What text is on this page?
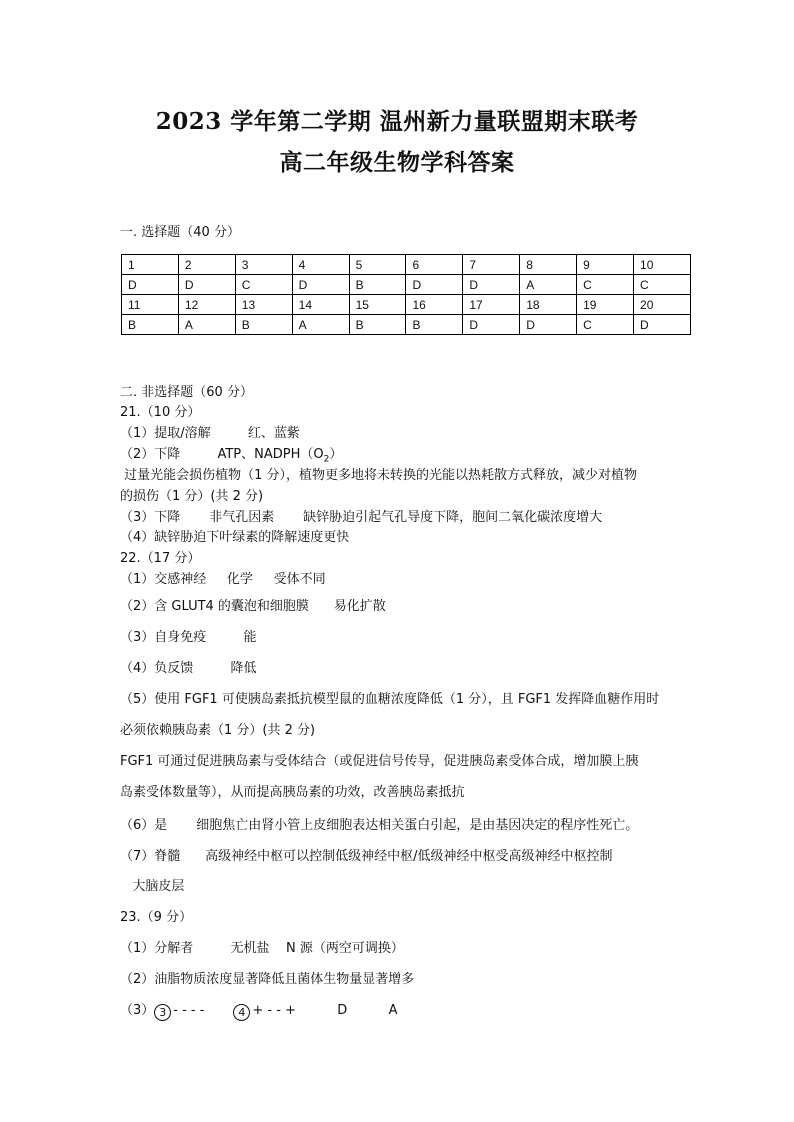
2023 学年第二学期 温州新力量联盟期末联考
高二年级生物学科答案
一. 选择题（40 分）
1	2	3	4	5	6	7	8	9	10
D	D	C	D	B	D	D	A	C	C
11	12	13	14	15	16	17	18	19	20
B	A	B	A	B	B	D	D	C	D
二. 非选择题（60 分）
21.（10 分）
（1）提取/溶解         红、蓝紫
（2）下降         ATP、$NADPH(O_2)$
过量光能会损伤植物（1 分），植物更多地将未转换的光能以热耗散方式释放，减少对植物
的损伤（1 分）(共 2 分)
（3）下降       非气孔因素       缺锌胁迫引起气孔导度下降，胞间二氧化碳浓度增大
（4）缺锌胁迫下叶绿素的降解速度更快
22.（17 分）
（1）交感神经     化学     受体不同
（2）含 GLUT4 的囊泡和细胞膜      易化扩散
（3）自身免疫         能
（4）负反馈         降低
（5）使用 FGF1 可使胰岛素抵抗模型鼠的血糖浓度降低（1 分），且 FGF1 发挥降血糖作用时
必须依赖胰岛素（1 分）(共 2 分)
FGF1 可通过促进胰岛素与受体结合（或促进信号传导，促进胰岛素受体合成，增加膜上胰
岛素受体数量等），从而提高胰岛素的功效，改善胰岛素抵抗
（6）是       细胞焦亡由肾小管上皮细胞表达相关蛋白引起，是由基因决定的程序性死亡。
（7）脊髓      高级神经中枢可以控制低级神经中枢/低级神经中枢受高级神经中枢控制
大脑皮层
23.（9 分）
（1）分解者         无机盐    N 源（两空可调换）
（2）油脂物质浓度显著降低且菌体生物量显著增多
（3） 3 - - - -       4 + - - +          D          A
